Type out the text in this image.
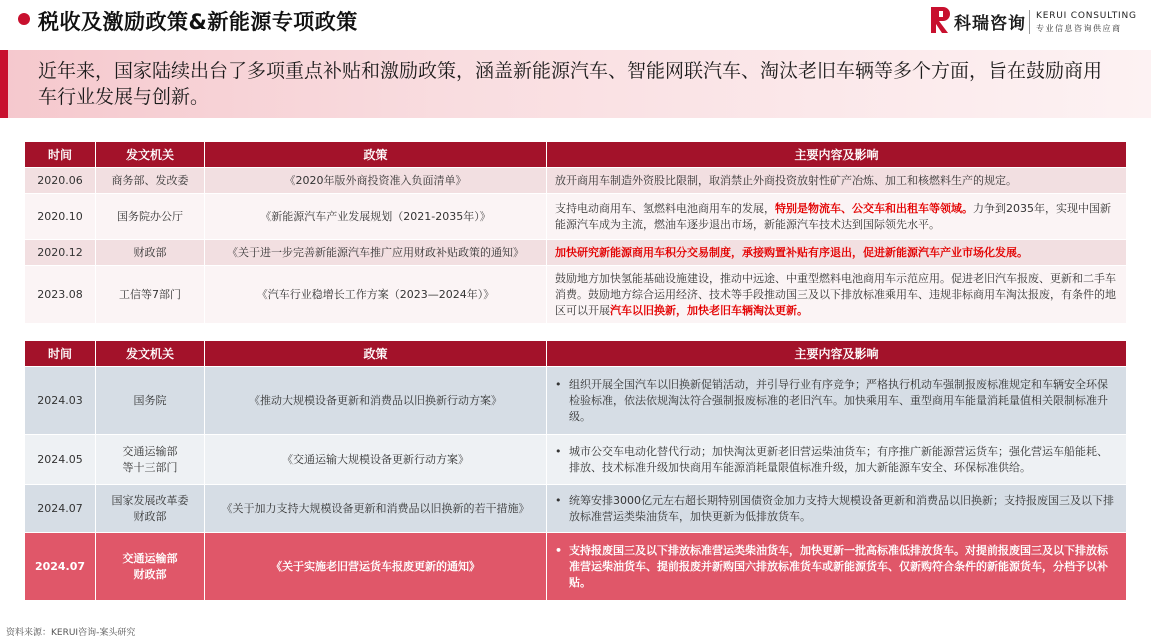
税收及激励政策&新能源专项政策	科瑞咨询 KERUI CONSULTING
专业信息咨询供应商
近年来，国家陆续出台了多项重点补贴和激励政策，涵盖新能源汽车、智能网联汽车、淘汰老旧车辆等多个方面，旨在鼓励商用车行业发展与创新。
时间	发文机关	政策	主要内容及影响
2020.06	商务部、发改委	《2020年版外商投资准入负面清单》	放开商用车制造外资股比限制，取消禁止外商投资放射性矿产冶炼、加工和核燃料生产的规定。
2020.10	国务院办公厅	《新能源汽车产业发展规划（2021-2035年）》	支持电动商用车、氢燃料电池商用车的发展，特别是物流车、公交车和出租车等领域。力争到2035年，实现中国新能源汽车成为主流，燃油车逐步退出市场，新能源汽车技术达到国际领先水平。
2020.12	财政部	《关于进一步完善新能源汽车推广应用财政补贴政策的通知》	加快研究新能源商用车积分交易制度，承接购置补贴有序退出，促进新能源汽车产业市场化发展。
2023.08	工信等7部门	《汽车行业稳增长工作方案（2023—2024年）》	鼓励地方加快氢能基础设施建设，推动中远途、中重型燃料电池商用车示范应用。促进老旧汽车报废、更新和二手车消费。鼓励地方综合运用经济、技术等手段推动国三及以下排放标准乘用车、违规非标商用车淘汰报废，有条件的地区可以开展汽车以旧换新，加快老旧车辆淘汰更新。
时间	发文机关	政策	主要内容及影响
2024.03	国务院	《推动大规模设备更新和消费品以旧换新行动方案》	• 组织开展全国汽车以旧换新促销活动，并引导行业有序竞争；严格执行机动车强制报废标准规定和车辆安全环保检验标准，依法依规淘汰符合强制报废标准的老旧汽车。加快乘用车、重型商用车能量消耗量值相关限制标准升级。

2024.05	交通运输部
等十三部门	《交通运输大规模设备更新行动方案》	• 城市公交车电动化替代行动；加快淘汰更新老旧营运柴油货车；有序推广新能源营运货车；强化营运车船能耗、排放、技术标准升级加快商用车能源消耗量限值标准升级，加大新能源车安全、环保标准供给。

2024.07	国家发展改革委
财政部	《关于加力支持大规模设备更新和消费品以旧换新的若干措施》	• 统筹安排3000亿元左右超长期特别国债资金加力支持大规模设备更新和消费品以旧换新；支持报废国三及以下排放标准营运类柴油货车，加快更新为低排放货车。

2024.07	交通运输部
财政部	《关于实施老旧营运货车报废更新的通知》	• 支持报废国三及以下排放标准营运类柴油货车，加快更新一批高标准低排放货车。对提前报废国三及以下排放标准营运柴油货车、提前报废并新购国六排放标准货车或新能源货车、仅新购符合条件的新能源货车，分档予以补贴。
资料来源：KERUI咨询-案头研究
